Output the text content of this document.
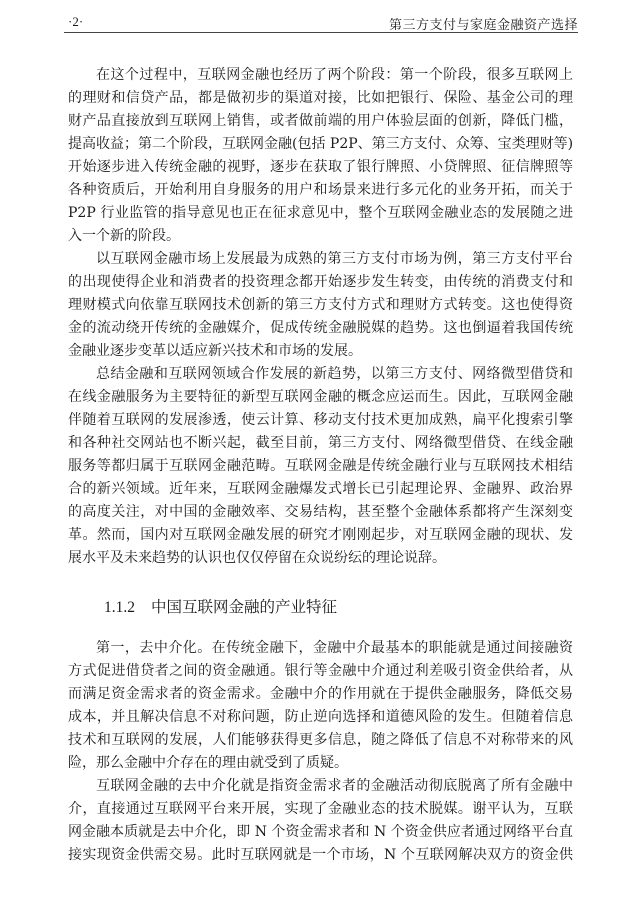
·2·	第三方支付与家庭金融资产选择
在这个过程中，互联网金融也经历了两个阶段：第一个阶段，很多互联网上
的理财和信贷产品，都是做初步的渠道对接，比如把银行、保险、基金公司的理
财产品直接放到互联网上销售，或者做前端的用户体验层面的创新，降低门槛，
提高收益；第二个阶段，互联网金融(包括 P2P、第三方支付、众筹、宝类理财等)
开始逐步进入传统金融的视野，逐步在获取了银行牌照、小贷牌照、征信牌照等
各种资质后，开始利用自身服务的用户和场景来进行多元化的业务开拓，而关于
P2P 行业监管的指导意见也正在征求意见中，整个互联网金融业态的发展随之进
入一个新的阶段。
以互联网金融市场上发展最为成熟的第三方支付市场为例，第三方支付平台
的出现使得企业和消费者的投资理念都开始逐步发生转变，由传统的消费支付和
理财模式向依靠互联网技术创新的第三方支付方式和理财方式转变。这也使得资
金的流动绕开传统的金融媒介，促成传统金融脱媒的趋势。这也倒逼着我国传统
金融业逐步变革以适应新兴技术和市场的发展。
总结金融和互联网领域合作发展的新趋势，以第三方支付、网络微型借贷和
在线金融服务为主要特征的新型互联网金融的概念应运而生。因此，互联网金融
伴随着互联网的发展渗透，使云计算、移动支付技术更加成熟，扁平化搜索引擎
和各种社交网站也不断兴起，截至目前，第三方支付、网络微型借贷、在线金融
服务等都归属于互联网金融范畴。互联网金融是传统金融行业与互联网技术相结
合的新兴领域。近年来，互联网金融爆发式增长已引起理论界、金融界、政治界
的高度关注，对中国的金融效率、交易结构，甚至整个金融体系都将产生深刻变
革。然而，国内对互联网金融发展的研究才刚刚起步，对互联网金融的现状、发
展水平及未来趋势的认识也仅仅停留在众说纷纭的理论说辞。
1.1.2 中国互联网金融的产业特征
第一，去中介化。在传统金融下，金融中介最基本的职能就是通过间接融资
方式促进借贷者之间的资金融通。银行等金融中介通过利差吸引资金供给者，从
而满足资金需求者的资金需求。金融中介的作用就在于提供金融服务，降低交易
成本，并且解决信息不对称问题，防止逆向选择和道德风险的发生。但随着信息
技术和互联网的发展，人们能够获得更多信息，随之降低了信息不对称带来的风
险，那么金融中介存在的理由就受到了质疑。
互联网金融的去中介化就是指资金需求者的金融活动彻底脱离了所有金融中
介，直接通过互联网平台来开展，实现了金融业态的技术脱媒。谢平认为，互联
网金融本质就是去中介化，即 N 个资金需求者和 N 个资金供应者通过网络平台直
接实现资金供需交易。此时互联网就是一个市场，N 个互联网解决双方的资金供
